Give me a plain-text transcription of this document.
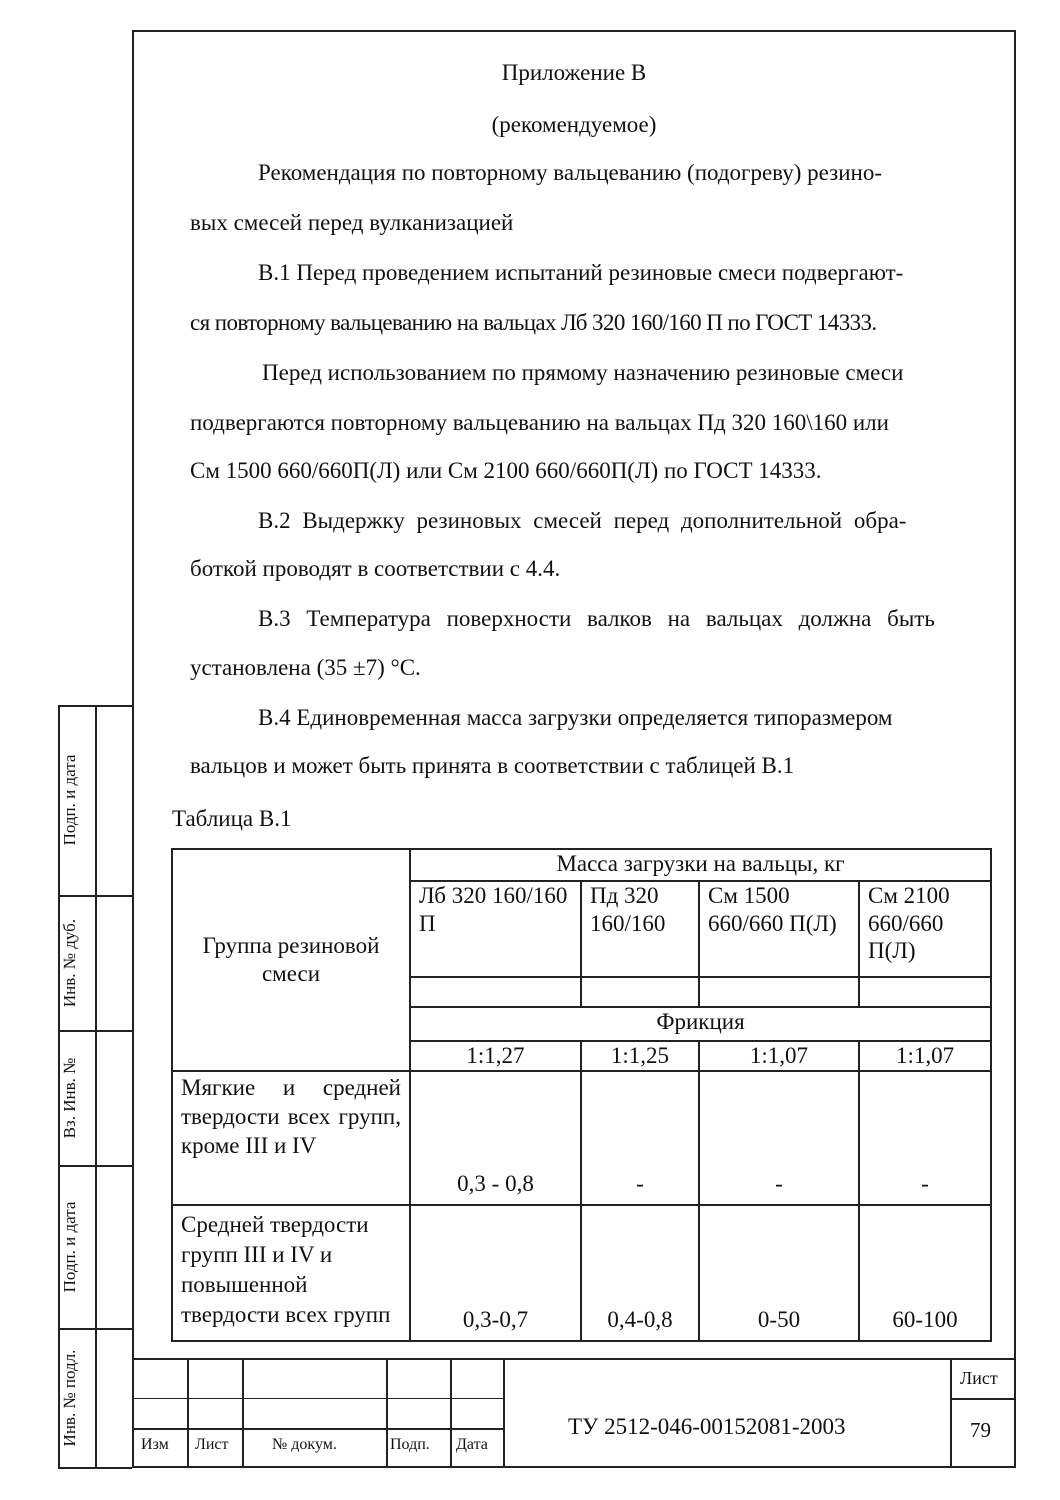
Приложение В
(рекомендуемое)
Рекомендация по повторному вальцеванию (подогреву) резино-
вых смесей перед вулканизацией
В.1 Перед проведением испытаний резиновые смеси подвергают-
ся повторному вальцеванию на вальцах Лб 320 160/160 П по ГОСТ 14333.
Перед использованием по прямому назначению резиновые смеси
подвергаются повторному вальцеванию на вальцах Пд 320 160\160 или
См 1500 660/660П(Л) или См 2100 660/660П(Л) по ГОСТ 14333.
В.2 Выдержку резиновых смесей перед дополнительной обра-
боткой проводят в соответствии с 4.4.
В.3 Температура поверхности валков на вальцах должна быть
установлена (35 ±7) °С.
В.4 Единовременная масса загрузки определяется типоразмером
вальцов и может быть принята в соответствии с таблицей В.1
Таблица В.1
Группа резиновой смеси	Масса загрузки на вальцы, кг			
	Лб 320 160/160 П	Пд 320 160/160	См 1500 660/660 П(Л)	См 2100 660/660 П(Л)

	Фрикция			
	1:1,27	1:1,25	1:1,07	1:1,07

Мягкие и средней твердости всех групп, кроме III и IV	0,3 - 0,8	-	-	-
Средней твердости групп III и IV и повышенной твердости всех групп	0,3-0,7	0,4-0,8	0-50	60-100
Подп. и дата
Инв. № дуб.
Вз. Инв. №
Подп. и дата
Инв. № подл.	Изм Лист	№ докум.	Подп. Дата
ТУ 2512-046-00152081-2003
Лист
79
